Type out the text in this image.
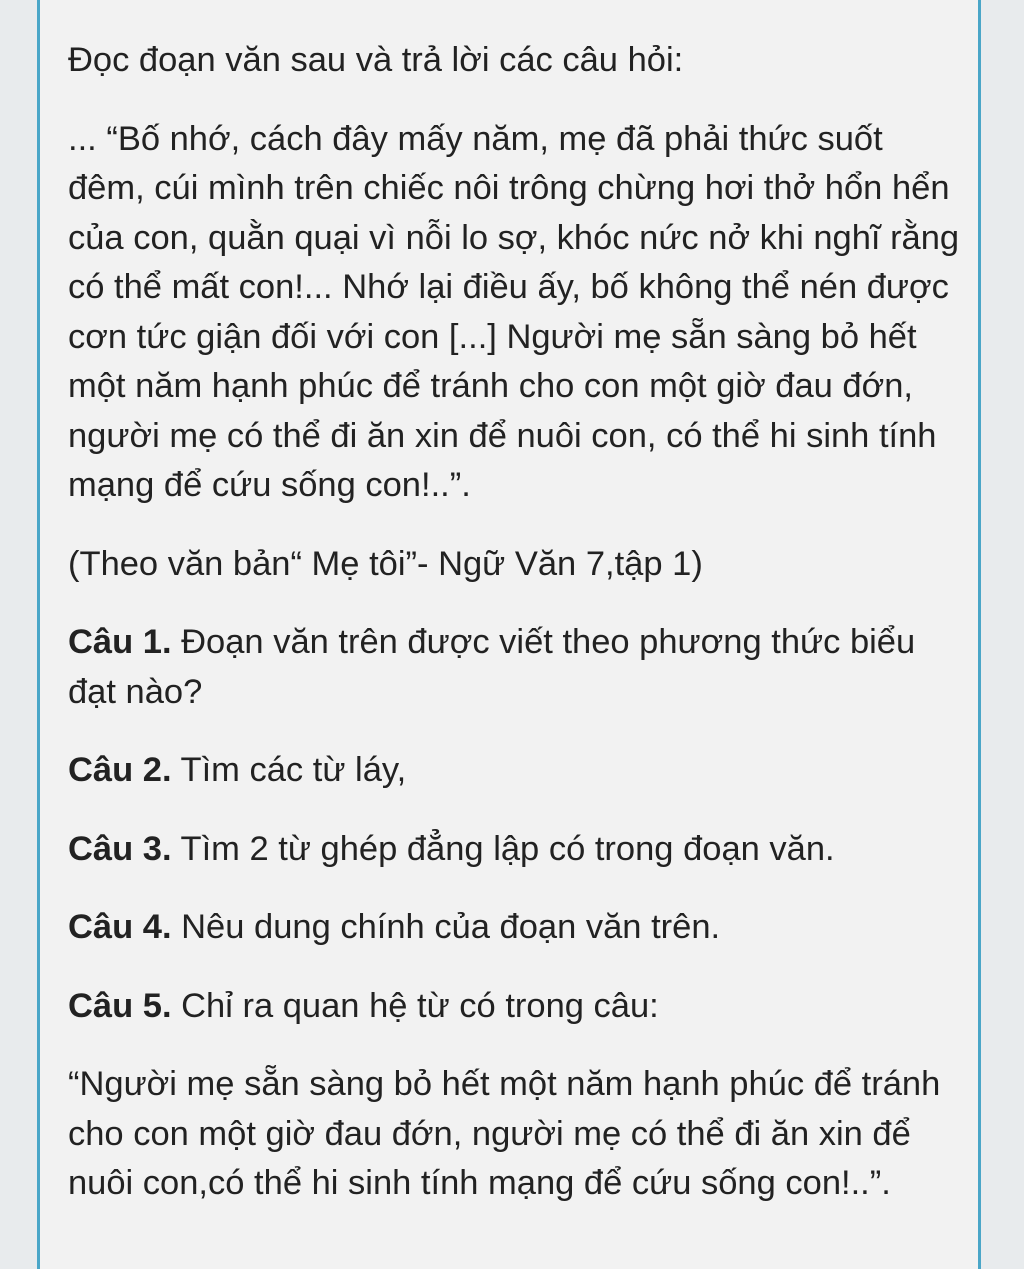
Đọc đoạn văn sau và trả lời các câu hỏi:

... “Bố nhớ, cách đây mấy năm, mẹ đã phải thức suốt đêm, cúi mình trên chiếc nôi trông chừng hơi thở hổn hển của con, quằn quại vì nỗi lo sợ, khóc nức nở khi nghĩ rằng có thể mất con!... Nhớ lại điều ấy, bố không thể nén được cơn tức giận đối với con [...] Người mẹ sẵn sàng bỏ hết một năm hạnh phúc để tránh cho con một giờ đau đớn, người mẹ có thể đi ăn xin để nuôi con, có thể hi sinh tính mạng để cứu sống con!..”.

(Theo văn bản“ Mẹ tôi”- Ngữ Văn 7,tập 1)

Câu 1. Đoạn văn trên được viết theo phương thức biểu đạt nào?

Câu 2. Tìm các từ láy,

Câu 3. Tìm 2 từ ghép đẳng lập có trong đoạn văn.

Câu 4. Nêu dung chính của đoạn văn trên.

Câu 5. Chỉ ra quan hệ từ có trong câu:

“Người mẹ sẵn sàng bỏ hết một năm hạnh phúc để tránh cho con một giờ đau đớn, người mẹ có thể đi ăn xin để nuôi con,có thể hi sinh tính mạng để cứu sống con!..”.
